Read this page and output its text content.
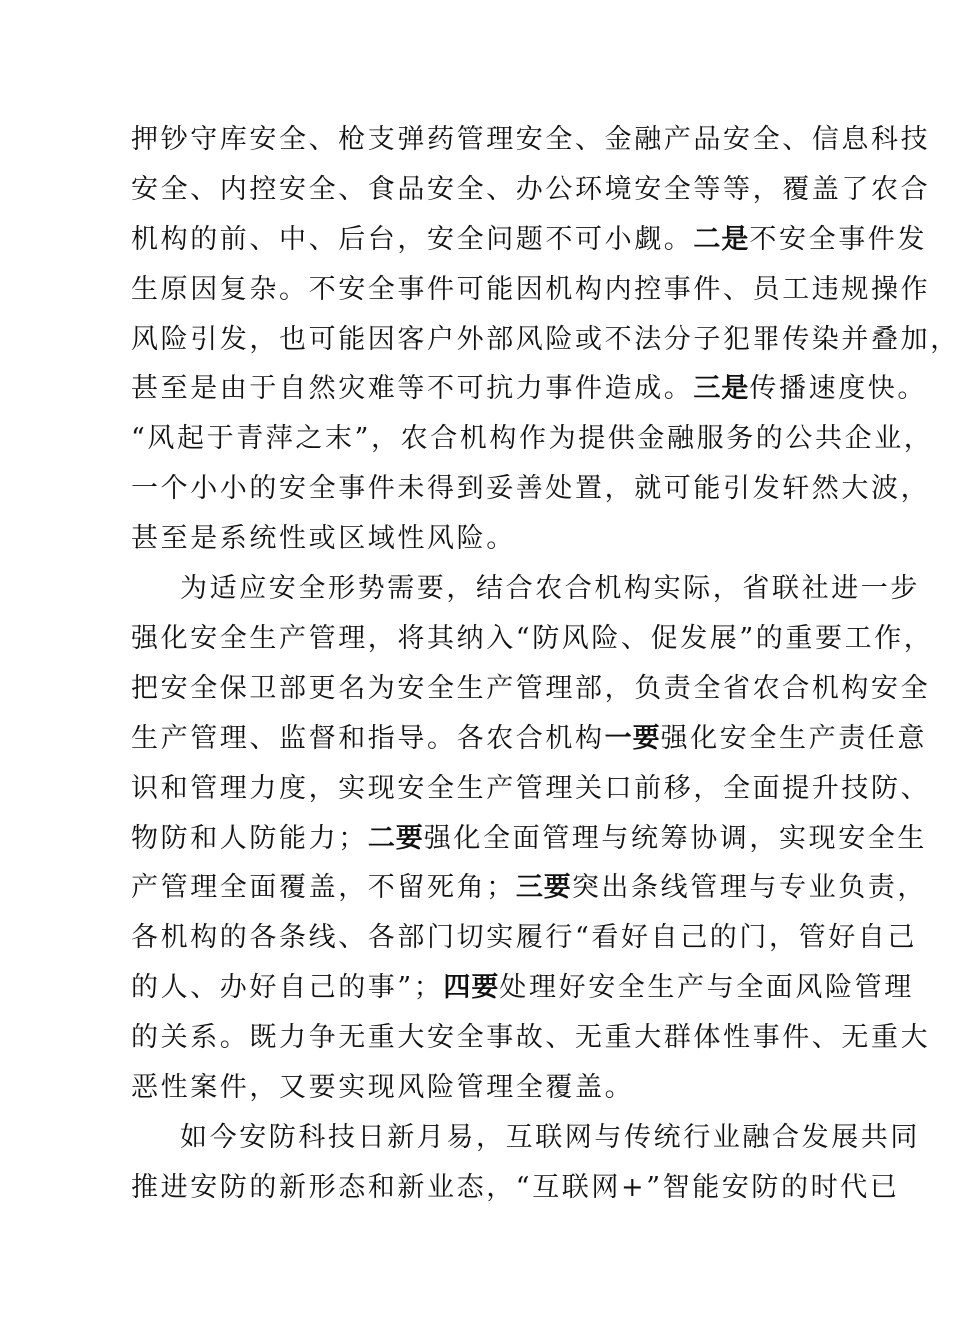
押钞守库安全、枪支弹药管理安全、金融产品安全、信息科技
安全、内控安全、食品安全、办公环境安全等等，覆盖了农合
机构的前、中、后台，安全问题不可小觑。二是不安全事件发
生原因复杂。不安全事件可能因机构内控事件、员工违规操作
风险引发，也可能因客户外部风险或不法分子犯罪传染并叠加，
甚至是由于自然灾难等不可抗力事件造成。三是传播速度快。
“风起于青萍之末”，农合机构作为提供金融服务的公共企业，
一个小小的安全事件未得到妥善处置，就可能引发轩然大波，
甚至是系统性或区域性风险。
为适应安全形势需要，结合农合机构实际，省联社进一步
强化安全生产管理，将其纳入“防风险、促发展”的重要工作，
把安全保卫部更名为安全生产管理部，负责全省农合机构安全
生产管理、监督和指导。各农合机构一要强化安全生产责任意
识和管理力度，实现安全生产管理关口前移，全面提升技防、
物防和人防能力；二要强化全面管理与统筹协调，实现安全生
产管理全面覆盖，不留死角；三要突出条线管理与专业负责，
各机构的各条线、各部门切实履行“看好自己的门，管好自己
的人、办好自己的事”；四要处理好安全生产与全面风险管理
的关系。既力争无重大安全事故、无重大群体性事件、无重大
恶性案件，又要实现风险管理全覆盖。
如今安防科技日新月易，互联网与传统行业融合发展共同
推进安防的新形态和新业态，“互联网+”智能安防的时代已
